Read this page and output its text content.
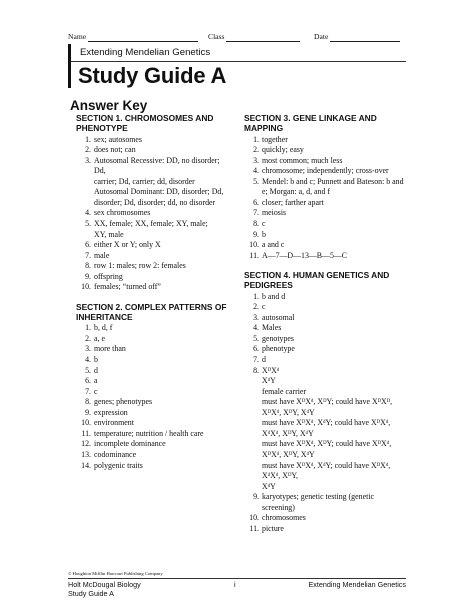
Name	Class	Date
Extending Mendelian Genetics
Study Guide A
Answer Key
SECTION 1. CHROMOSOMES AND PHENOTYPE
1. sex; autosomes
2. does not; can
3. Autosomal Recessive: DD, no disorder; Dd,
carrier; Dd, carrier; dd, disorder
Autosomal Dominant: DD, disorder; Dd,
disorder; Dd, disorder; dd, no disorder
4. sex chromosomes
5. XX, female; XX, female; XY, male;
XY, male
6. either X or Y; only X
7. male
8. row 1: males; row 2: females
9. offspring
10. females; “turned off”
SECTION 2. COMPLEX PATTERNS OF INHERITANCE
1. b, d, f
2. a, e
3. more than
4. b
5. d
6. a
7. c
8. genes; phenotypes
9. expression
10. environment
11. temperature; nutrition / health care
12. incomplete dominance
13. codominance
14. polygenic traits
SECTION 3. GENE LINKAGE AND MAPPING
1. together
2. quickly; easy
3. most common; much less
4. chromosome; independently; cross-over
5. Mendel: b and c; Punnett and Bateson: b and
e; Morgan: a, d, and f
6. closer; farther apart
7. meiosis
8. c
9. b
10. a and c
11. A—7—D—13—B—5—C
SECTION 4. HUMAN GENETICS AND PEDIGREES
1. b and d
2. c
3. autosomal
4. Males
5. genotypes
6. phenotype
7. d
8. XᴰXᵈ
XᵈY
female carrier
must have XᴰXᵈ, XᴰY; could have XᴰXᴰ,
XᴰXᵈ, XᴰY, XᵈY
must have XᴰXᵈ, XᵈY; could have XᴰXᵈ,
XᵈXᵈ, XᴰY, XᵈY
must have XᴰXᵈ, XᴰY; could have XᴰXᵈ,
XᴰXᵈ, XᴰY, XᵈY
must have XᴰXᵈ, XᵈY; could have XᴰXᵈ,
XᵈXᵈ, XᴰY,
XᵈY
9. karyotypes; genetic testing (genetic
screening)
10. chromosomes
11. picture
© Houghton Mifflin Harcourt Publishing Company
Holt McDougal Biology
Study Guide A
i	Extending Mendelian Genetics
